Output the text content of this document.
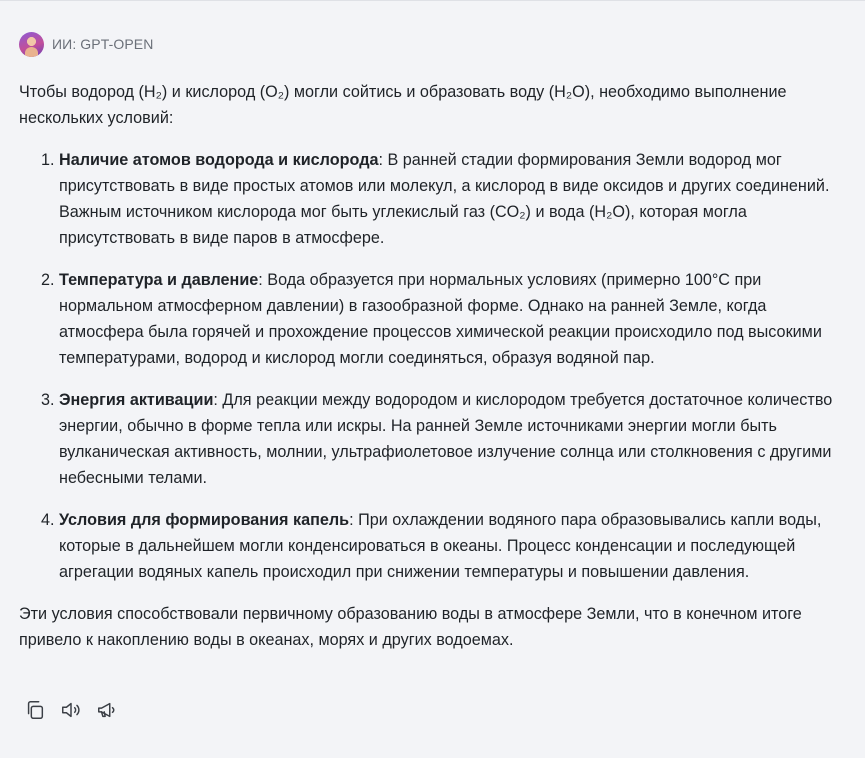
ИИ: GPT-OPEN

Чтобы водород (H₂) и кислород (O₂) могли сойтись и образовать воду (H₂O), необходимо выполнение нескольких условий:

1. Наличие атомов водорода и кислорода: В ранней стадии формирования Земли водород мог присутствовать в виде простых атомов или молекул, а кислород в виде оксидов и других соединений. Важным источником кислорода мог быть углекислый газ (CO₂) и вода (H₂O), которая могла присутствовать в виде паров в атмосфере.
2. Температура и давление: Вода образуется при нормальных условиях (примерно 100°C при нормальном атмосферном давлении) в газообразной форме. Однако на ранней Земле, когда атмосфера была горячей и прохождение процессов химической реакции происходило под высокими температурами, водород и кислород могли соединяться, образуя водяной пар.
3. Энергия активации: Для реакции между водородом и кислородом требуется достаточное количество энергии, обычно в форме тепла или искры. На ранней Земле источниками энергии могли быть вулканическая активность, молнии, ультрафиолетовое излучение солнца или столкновения с другими небесными телами.
4. Условия для формирования капель: При охлаждении водяного пара образовывались капли воды, которые в дальнейшем могли конденсироваться в океаны. Процесс конденсации и последующей агрегации водяных капель происходил при снижении температуры и повышении давления.

Эти условия способствовали первичному образованию воды в атмосфере Земли, что в конечном итоге привело к накоплению воды в океанах, морях и других водоемах.
